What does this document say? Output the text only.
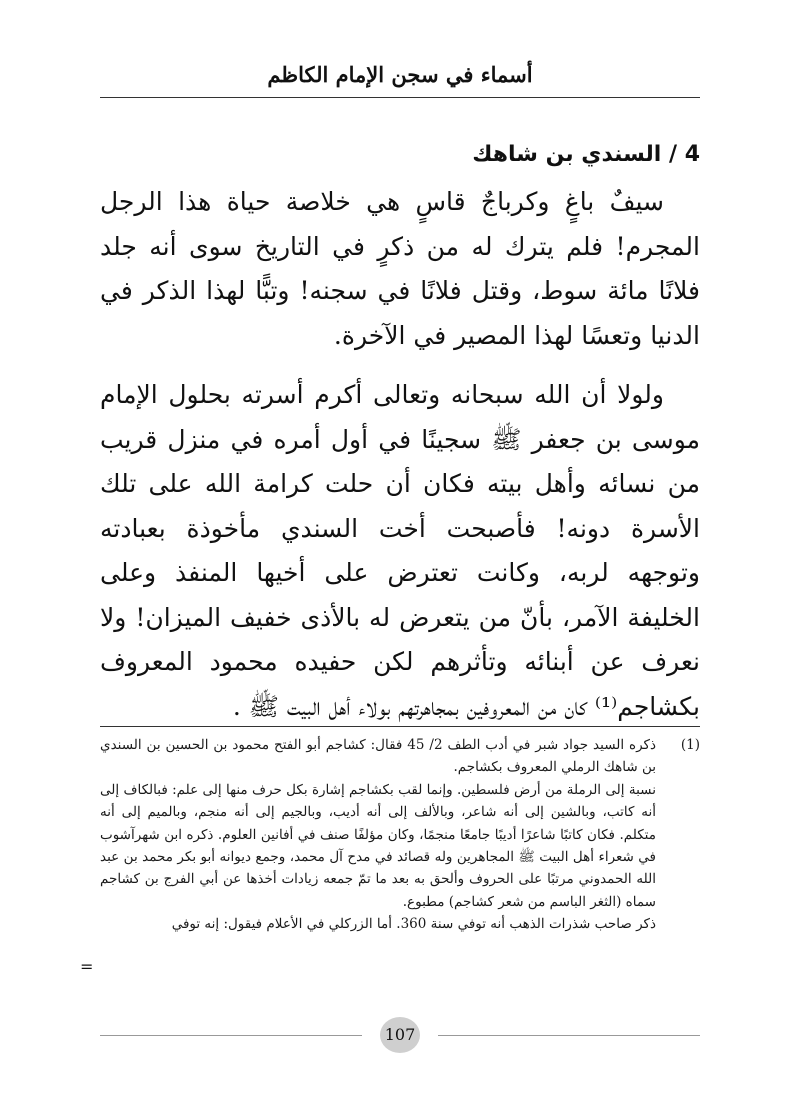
أسماء في سجن الإمام الكاظم
4 / السندي بن شاهك

سيفٌ باغٍ وكرباجٌ قاسٍ هي خلاصة حياة هذا الرجل المجرم! فلم يترك له من ذكرٍ في التاريخ سوى أنه جلد فلانًا مائة سوط، وقتل فلانًا في سجنه! وتبًّا لهذا الذكر في الدنيا وتعسًا لهذا المصير في الآخرة.

ولولا أن الله سبحانه وتعالى أكرم أسرته بحلول الإمام موسى بن جعفر ﷺ سجينًا في أول أمره في منزل قريب من نسائه وأهل بيته فكان أن حلت كرامة الله على تلك الأسرة دونه! فأصبحت أخت السندي مأخوذة بعبادته وتوجهه لربه، وكانت تعترض على أخيها المنفذ وعلى الخليفة الآمر، بأنّ من يتعرض له بالأذى خفيف الميزان! ولا نعرف عن أبنائه وتأثرهم لكن حفيده محمود المعروف بكشاجم⁽¹⁾ كان من المعروفين بمجاهرتهم بولاء أهل البيت ﷺ .

(1)

ذكره السيد جواد شبر في أدب الطف 2/ 45 فقال: كشاجم أبو الفتح محمود بن الحسين بن السندي بن شاهك الرملي المعروف بكشاجم.

نسبة إلى الرملة من أرض فلسطين. وإنما لقب بكشاجم إشارة بكل حرف منها إلى علم: فبالكاف إلى أنه كاتب، وبالشين إلى أنه شاعر، وبالألف إلى أنه أديب، وبالجيم إلى أنه منجم، وبالميم إلى أنه متكلم. فكان كاتبًا شاعرًا أديبًا جامعًا منجمًا، وكان مؤلفًا صنف في أفانين العلوم. ذكره ابن شهرآشوب في شعراء أهل البيت ﷺ المجاهرين وله قصائد في مدح آل محمد، وجمع ديوانه أبو بكر محمد بن عبد الله الحمدوني مرتبًا على الحروف وألحق به بعد ما تمّ جمعه زيادات أخذها عن أبي الفرج بن كشاجم سماه (الثغر الباسم من شعر كشاجم) مطبوع.

ذكر صاحب شذرات الذهب أنه توفي سنة 360. أما الزركلي في الأعلام فيقول: إنه توفي

=
107
